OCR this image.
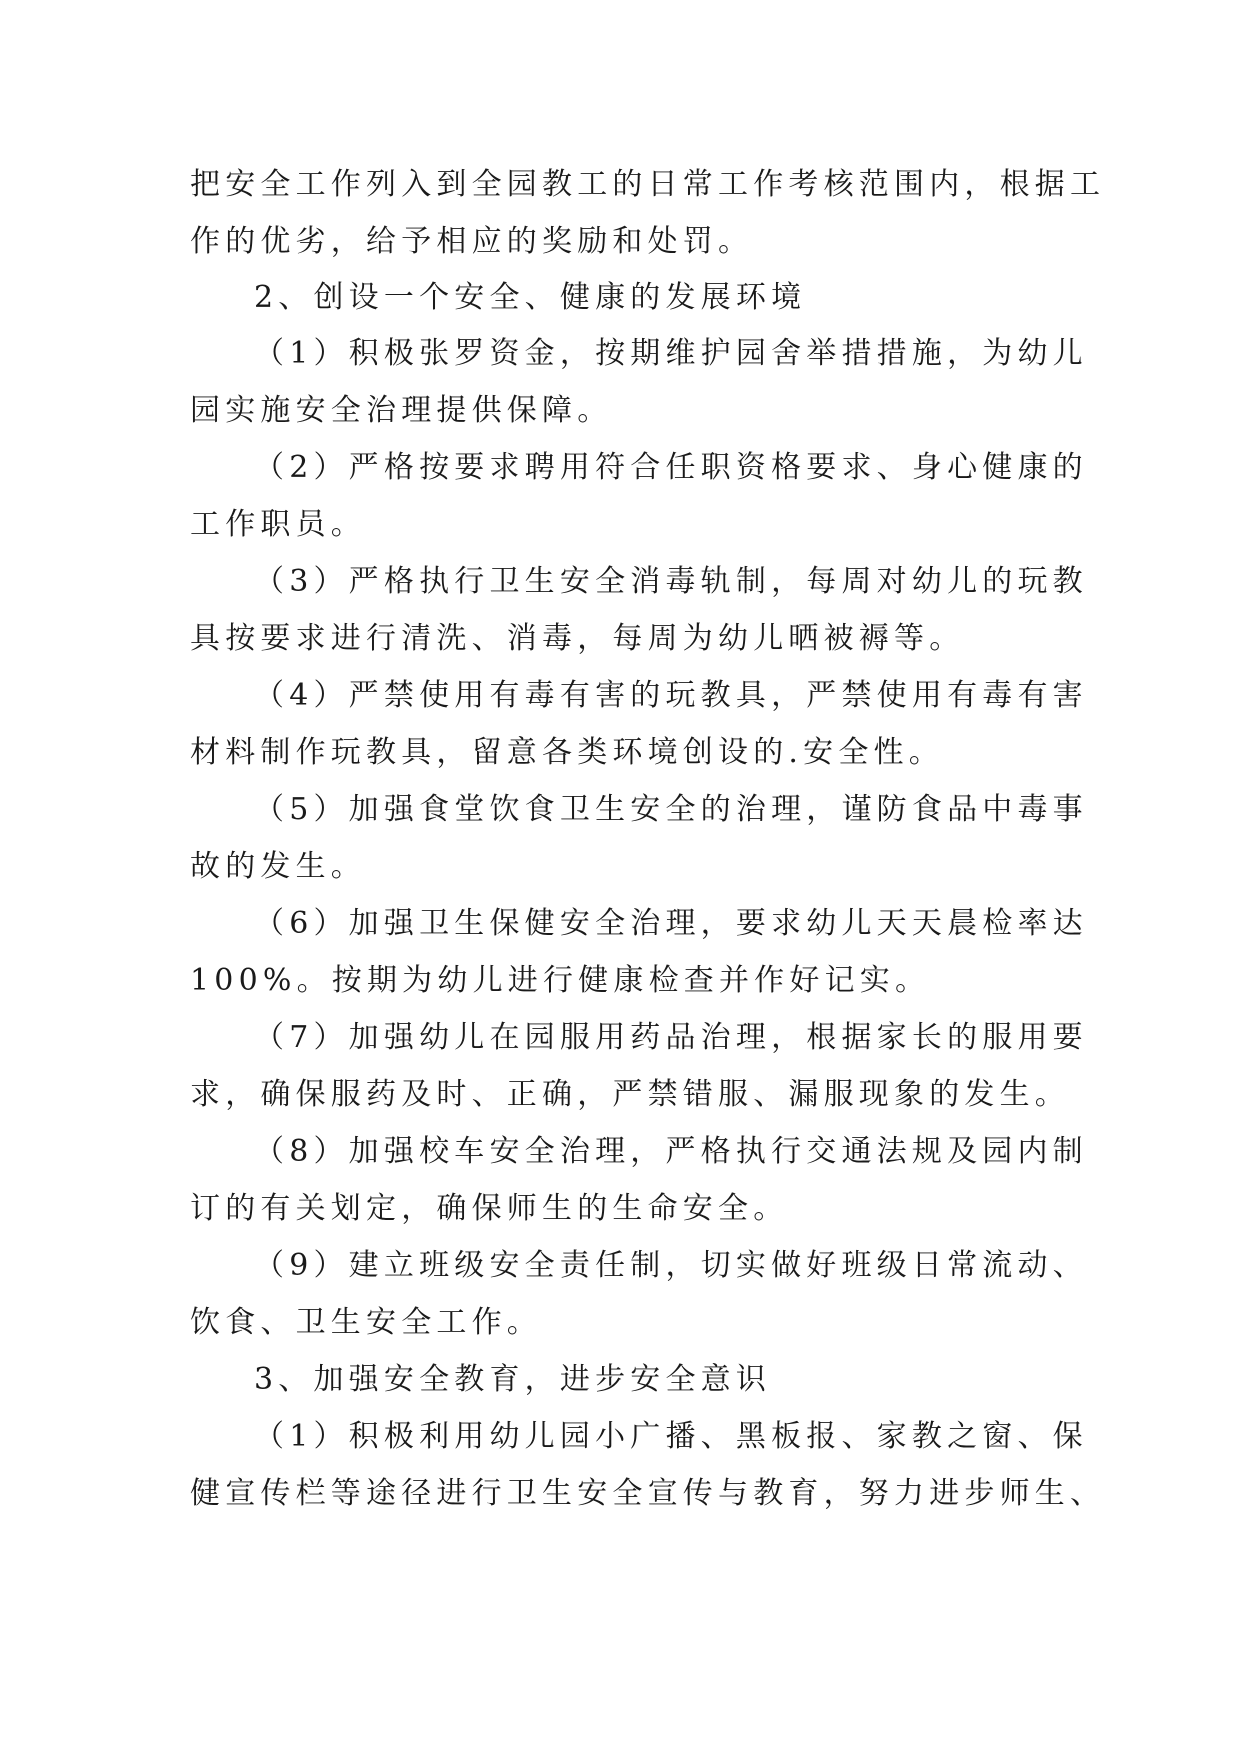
把安全工作列入到全园教工的日常工作考核范围内，根据工

作的优劣，给予相应的奖励和处罚。

2、创设一个安全、健康的发展环境

（1）积极张罗资金，按期维护园舍举措措施，为幼儿

园实施安全治理提供保障。

（2）严格按要求聘用符合任职资格要求、身心健康的

工作职员。

（3）严格执行卫生安全消毒轨制，每周对幼儿的玩教

具按要求进行清洗、消毒，每周为幼儿晒被褥等。

（4）严禁使用有毒有害的玩教具，严禁使用有毒有害

材料制作玩教具，留意各类环境创设的.安全性。

（5）加强食堂饮食卫生安全的治理，谨防食品中毒事

故的发生。

（6）加强卫生保健安全治理，要求幼儿天天晨检率达

100%。按期为幼儿进行健康检查并作好记实。

（7）加强幼儿在园服用药品治理，根据家长的服用要

求，确保服药及时、正确，严禁错服、漏服现象的发生。

（8）加强校车安全治理，严格执行交通法规及园内制

订的有关划定，确保师生的生命安全。

（9）建立班级安全责任制，切实做好班级日常流动、

饮食、卫生安全工作。

3、加强安全教育，进步安全意识

（1）积极利用幼儿园小广播、黑板报、家教之窗、保

健宣传栏等途径进行卫生安全宣传与教育，努力进步师生、
